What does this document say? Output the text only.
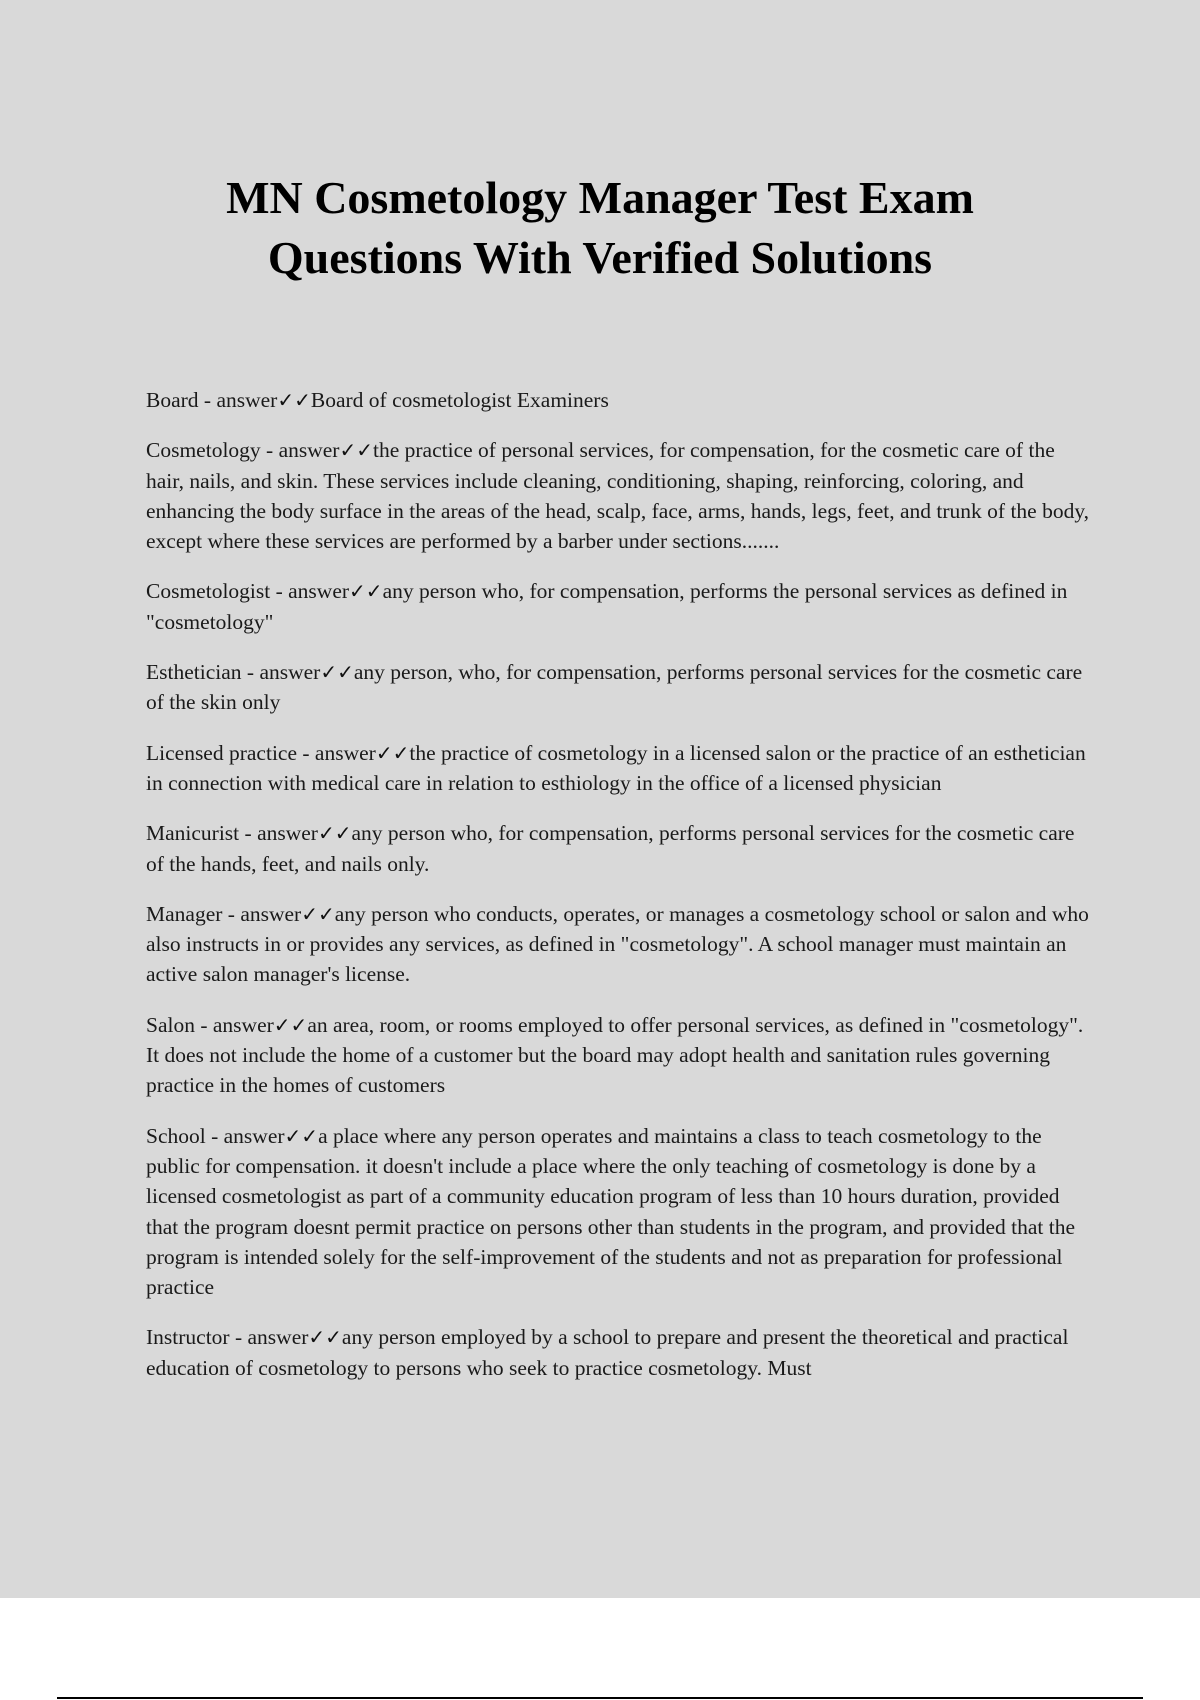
MN Cosmetology Manager Test Exam
Questions With Verified Solutions

Board - answer✓✓Board of cosmetologist Examiners

Cosmetology - answer✓✓the practice of personal services, for compensation, for the cosmetic care of the hair, nails, and skin. These services include cleaning, conditioning, shaping, reinforcing, coloring, and enhancing the body surface in the areas of the head, scalp, face, arms, hands, legs, feet, and trunk of the body, except where these services are performed by a barber under sections.......

Cosmetologist - answer✓✓any person who, for compensation, performs the personal services as defined in "cosmetology"

Esthetician - answer✓✓any person, who, for compensation, performs personal services for the cosmetic care of the skin only

Licensed practice - answer✓✓the practice of cosmetology in a licensed salon or the practice of an esthetician in connection with medical care in relation to esthiology in the office of a licensed physician

Manicurist - answer✓✓any person who, for compensation, performs personal services for the cosmetic care of the hands, feet, and nails only.

Manager - answer✓✓any person who conducts, operates, or manages a cosmetology school or salon and who also instructs in or provides any services, as defined in "cosmetology". A school manager must maintain an active salon manager's license.

Salon - answer✓✓an area, room, or rooms employed to offer personal services, as defined in "cosmetology". It does not include the home of a customer but the board may adopt health and sanitation rules governing practice in the homes of customers

School - answer✓✓a place where any person operates and maintains a class to teach cosmetology to the public for compensation. it doesn't include a place where the only teaching of cosmetology is done by a licensed cosmetologist as part of a community education program of less than 10 hours duration, provided that the program doesnt permit practice on persons other than students in the program, and provided that the program is intended solely for the self-improvement of the students and not as preparation for professional practice

Instructor - answer✓✓any person employed by a school to prepare and present the theoretical and practical education of cosmetology to persons who seek to practice cosmetology. Must
